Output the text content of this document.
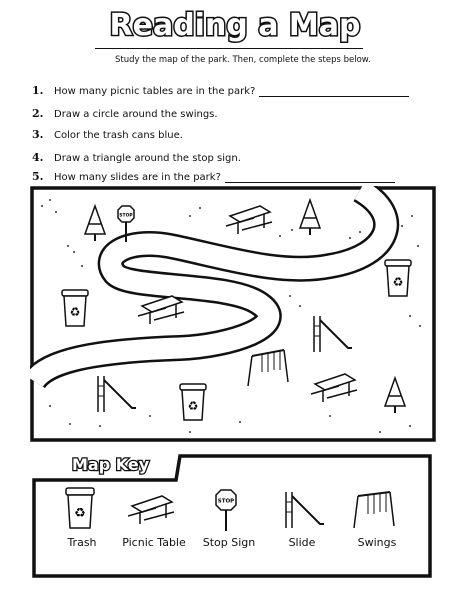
Reading a Map
Study the map of the park. Then, complete the steps below.
1. How many picnic tables are in the park?
2. Draw a circle around the swings.
3. Color the trash cans blue.
4. Draw a triangle around the stop sign.
5. How many slides are in the park?
STOP
♻
♻
♻
Map Key
♻
STOP
Trash	Picnic Table	Stop Sign	Slide	Swings
